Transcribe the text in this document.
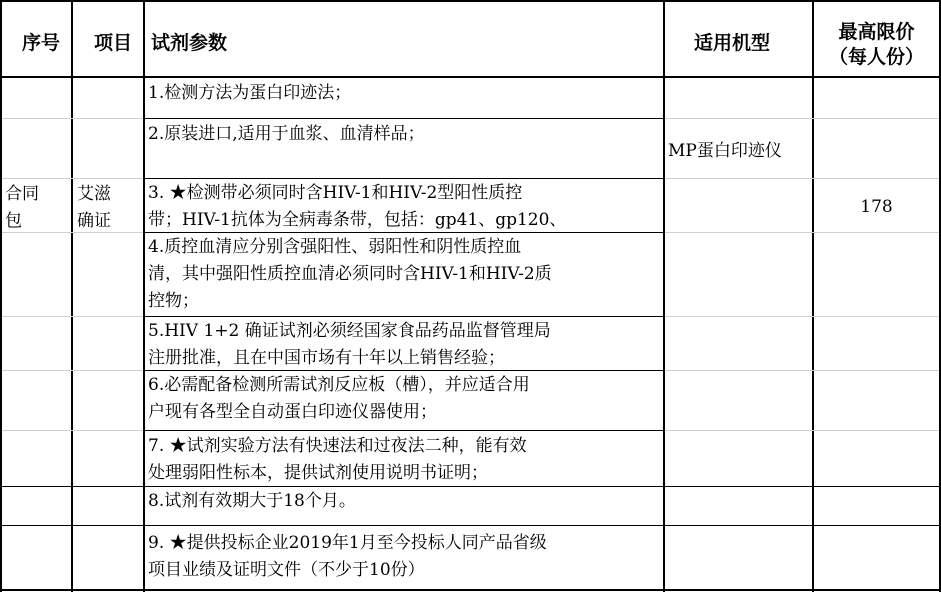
序号 项目 试剂参数	适用机型	最高限价
（每人份）
合同
包
艾滋
确证
MP蛋白印迹仪
178
1.检测方法为蛋白印迹法；
2.原装进口,适用于血浆、血清样品；
3. ★检测带必须同时含HIV-1和HIV-2型阳性质控
带；HIV-1抗体为全病毒条带，包括：gp41、gp120、
4.质控血清应分别含强阳性、弱阳性和阴性质控血
清，其中强阳性质控血清必须同时含HIV-1和HIV-2质
控物；
5.HIV 1+2 确证试剂必须经国家食品药品监督管理局
注册批准，且在中国市场有十年以上销售经验；
6.必需配备检测所需试剂反应板（槽），并应适合用
户现有各型全自动蛋白印迹仪器使用；
7. ★试剂实验方法有快速法和过夜法二种，能有效
处理弱阳性标本，提供试剂使用说明书证明；
8.试剂有效期大于18个月。
9. ★提供投标企业2019年1月至今投标人同产品省级
项目业绩及证明文件（不少于10份）
